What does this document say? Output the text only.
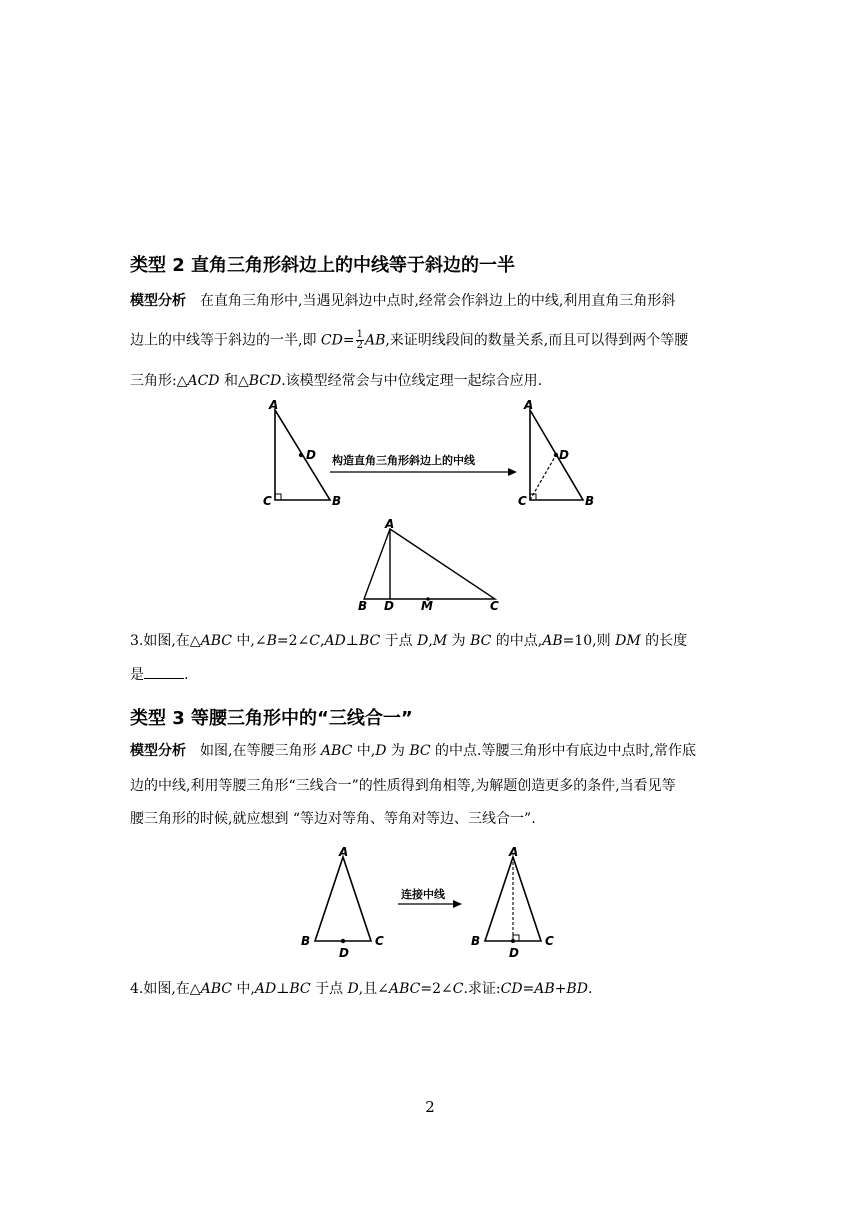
类型 2 直角三角形斜边上的中线等于斜边的一半
模型分析 在直角三角形中,当遇见斜边中点时,经常会作斜边上的中线,利用直角三角形斜
边上的中线等于斜边的一半,即 $CD= \frac{1}{2}$ AB,来证明线段间的数量关系,而且可以得到两个等腰
三角形:△ACD 和△BCD.该模型经常会与中位线定理一起综合应用.
A
D
C	B
构造直角三角形斜边上的中线
A
D
C	B
A
B D M	C
3.如图,在△ABC 中,∠B=2∠C,AD⊥BC 于点 D,M 为 BC 的中点,AB=10,则 DM 的长度
是	.
类型 3 等腰三角形中的“三线合一”
模型分析 如图,在等腰三角形 ABC 中,D 为 BC 的中点.等腰三角形中有底边中点时,常作底
边的中线,利用等腰三角形“三线合一”的性质得到角相等,为解题创造更多的条件,当看见等
腰三角形的时候,就应想到 “等边对等角、等角对等边、三线合一”.
A
B	C
D
连接中线
A
B	C
D
4.如图,在△ABC 中,AD⊥BC 于点 D,且∠ABC=2∠C.求证:CD=AB+BD.
2
